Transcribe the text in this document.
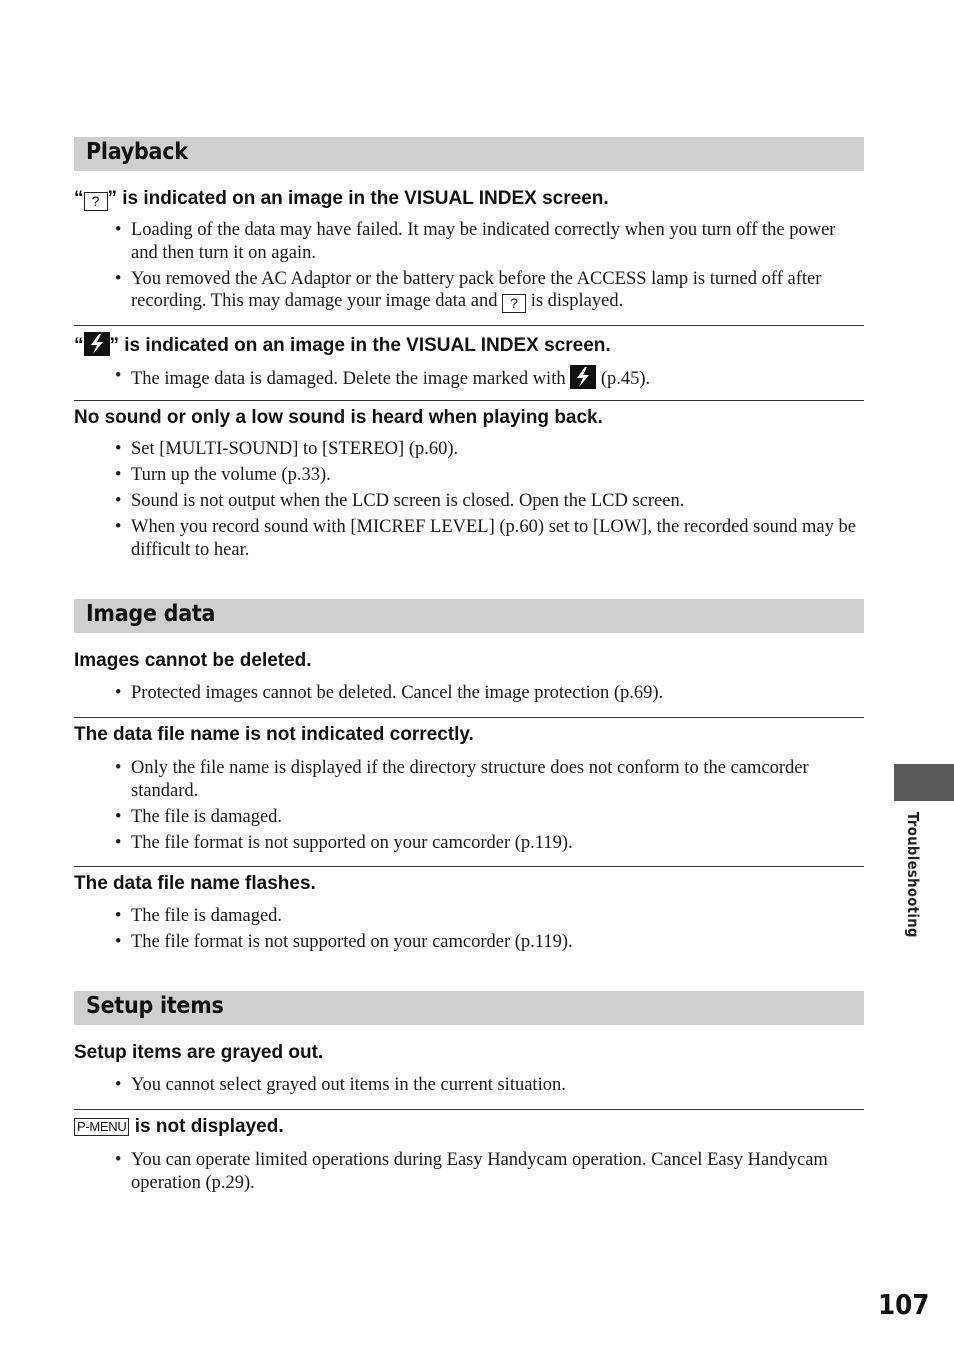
Playback
“ ? ” is indicated on an image in the VISUAL INDEX screen.
• Loading of the data may have failed. It may be indicated correctly when you turn off the power and then turn it on again.
• You removed the AC Adaptor or the battery pack before the ACCESS lamp is turned off after recording. This may damage your image data and ? is displayed.
“ ” is indicated on an image in the VISUAL INDEX screen.
• The image data is damaged. Delete the image marked with
(p.45).
No sound or only a low sound is heard when playing back.
• Set [MULTI-SOUND] to [STEREO] (p.60).
• Turn up the volume (p.33).
• Sound is not output when the LCD screen is closed. Open the LCD screen.
• When you record sound with [MICREF LEVEL] (p.60) set to [LOW], the recorded sound may be difficult to hear.
Image data
Images cannot be deleted.
• Protected images cannot be deleted. Cancel the image protection (p.69).
The data file name is not indicated correctly.
• Only the file name is displayed if the directory structure does not conform to the camcorder standard.
• The file is damaged.
• The file format is not supported on your camcorder (p.119).
The data file name flashes.
• The file is damaged.
• The file format is not supported on your camcorder (p.119).
Setup items
Setup items are grayed out.
• You cannot select grayed out items in the current situation.
P-MENU is not displayed.
• You can operate limited operations during Easy Handycam operation. Cancel Easy Handycam operation (p.29).
Troubleshooting
107
